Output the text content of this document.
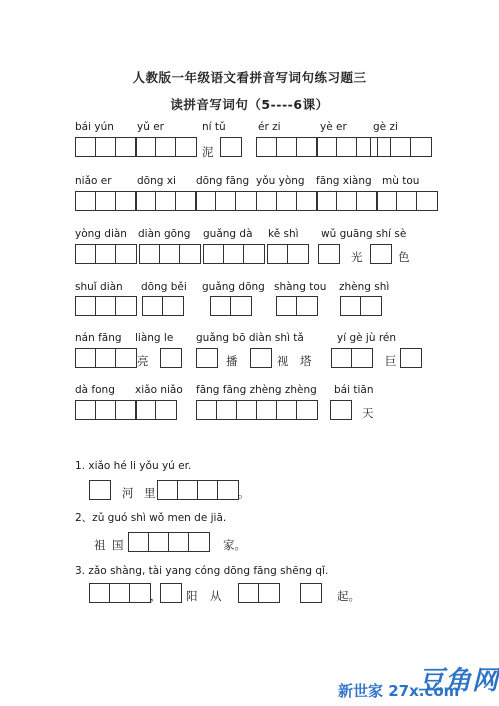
人教版一年级语文看拼音写词句练习题三
读拼音写词句（5----6课）
bái yún yǔ er	ní tǔ	ér zi	yè er gè zi
泥
niǎo er dōng xi dōng fāng yǒu yòng fāng xiàng mù tou
yòng diàn diàn gōng guǎng dà kě shì wǔ guāng shí sè
光	色
shuǐ diàn dōng běi guǎng dōng shàng tou zhèng shì
nán fāng liàng le guǎng bō diàn shì tǎ	yí gè jù rén
亮	播	视 塔	巨
dà fong xiǎo niǎo fāng fāng zhèng zhèng bái tiān
天
1. xiǎo hé li yǒu yú er.
河 里	。
2、zǔ guó shì wǒ men de jiā.
祖 国	家。
3. zǎo shàng, tài yang cóng dōng fāng shēng qǐ.
， 阳 从	起。
新世家 27x.com
豆角网
